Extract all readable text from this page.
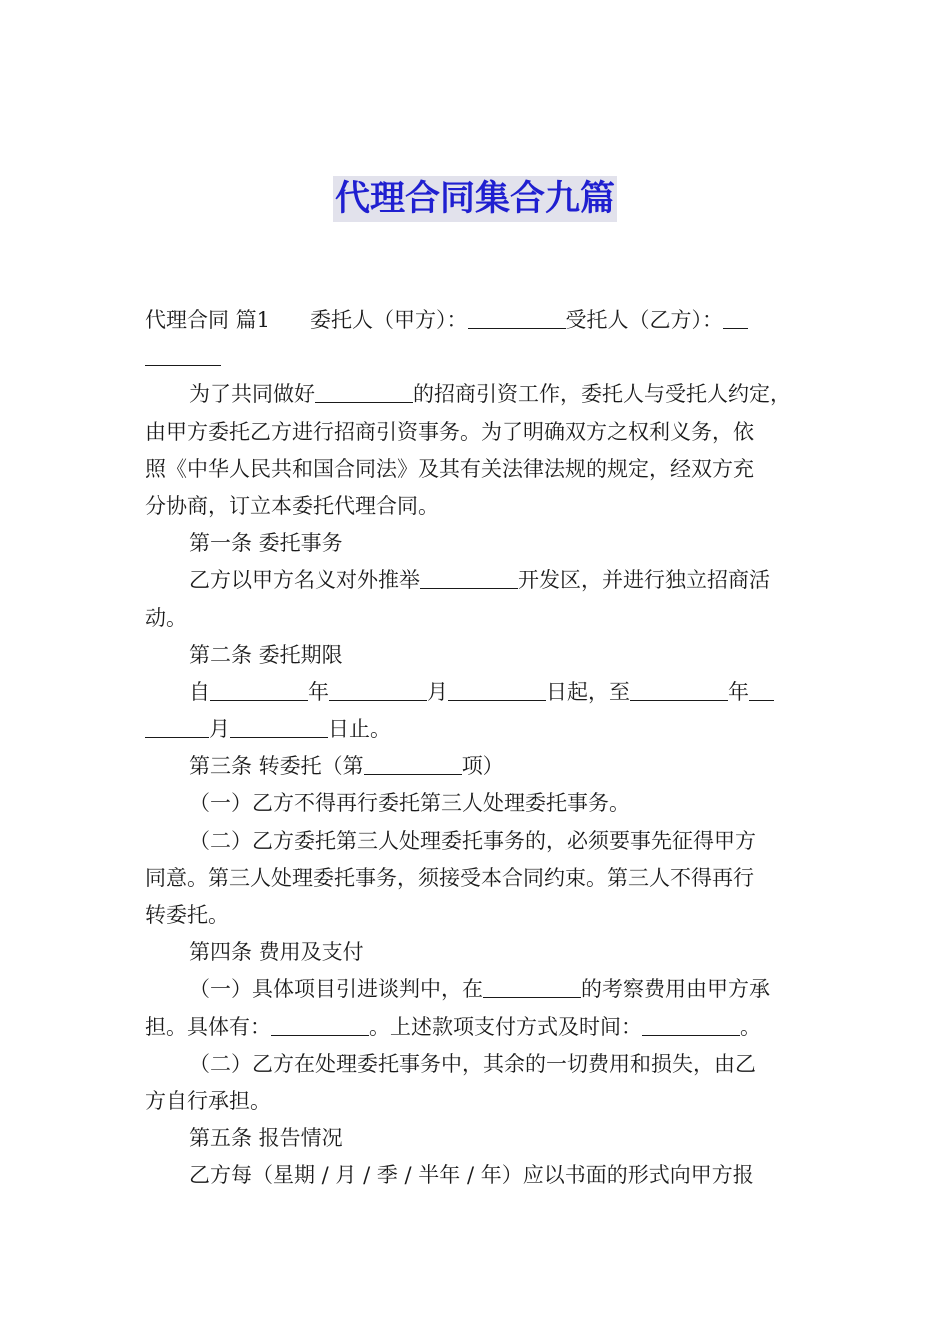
代理合同集合九篇
代理合同 篇1 委托人（甲方）：	受托人（乙方）：
为了共同做好	的招商引资工作，委托人与受托人约定，
由甲方委托乙方进行招商引资事务。为了明确双方之权利义务，依
照《中华人民共和国合同法》及其有关法律法规的规定，经双方充
分协商，订立本委托代理合同。
第一条 委托事务
乙方以甲方名义对外推举	开发区，并进行独立招商活
动。
第二条 委托期限
自	年	月	日起，至	年
月	日止。
第三条 转委托（第	项）
（一）乙方不得再行委托第三人处理委托事务。
（二）乙方委托第三人处理委托事务的，必须要事先征得甲方
同意。第三人处理委托事务，须接受本合同约束。第三人不得再行
转委托。
第四条 费用及支付
（一）具体项目引进谈判中，在	的考察费用由甲方承
担。具体有：	。上述款项支付方式及时间：	。
（二）乙方在处理委托事务中，其余的一切费用和损失，由乙
方自行承担。
第五条 报告情况
乙方每（星期 / 月 / 季 / 半年 / 年）应以书面的形式向甲方报
